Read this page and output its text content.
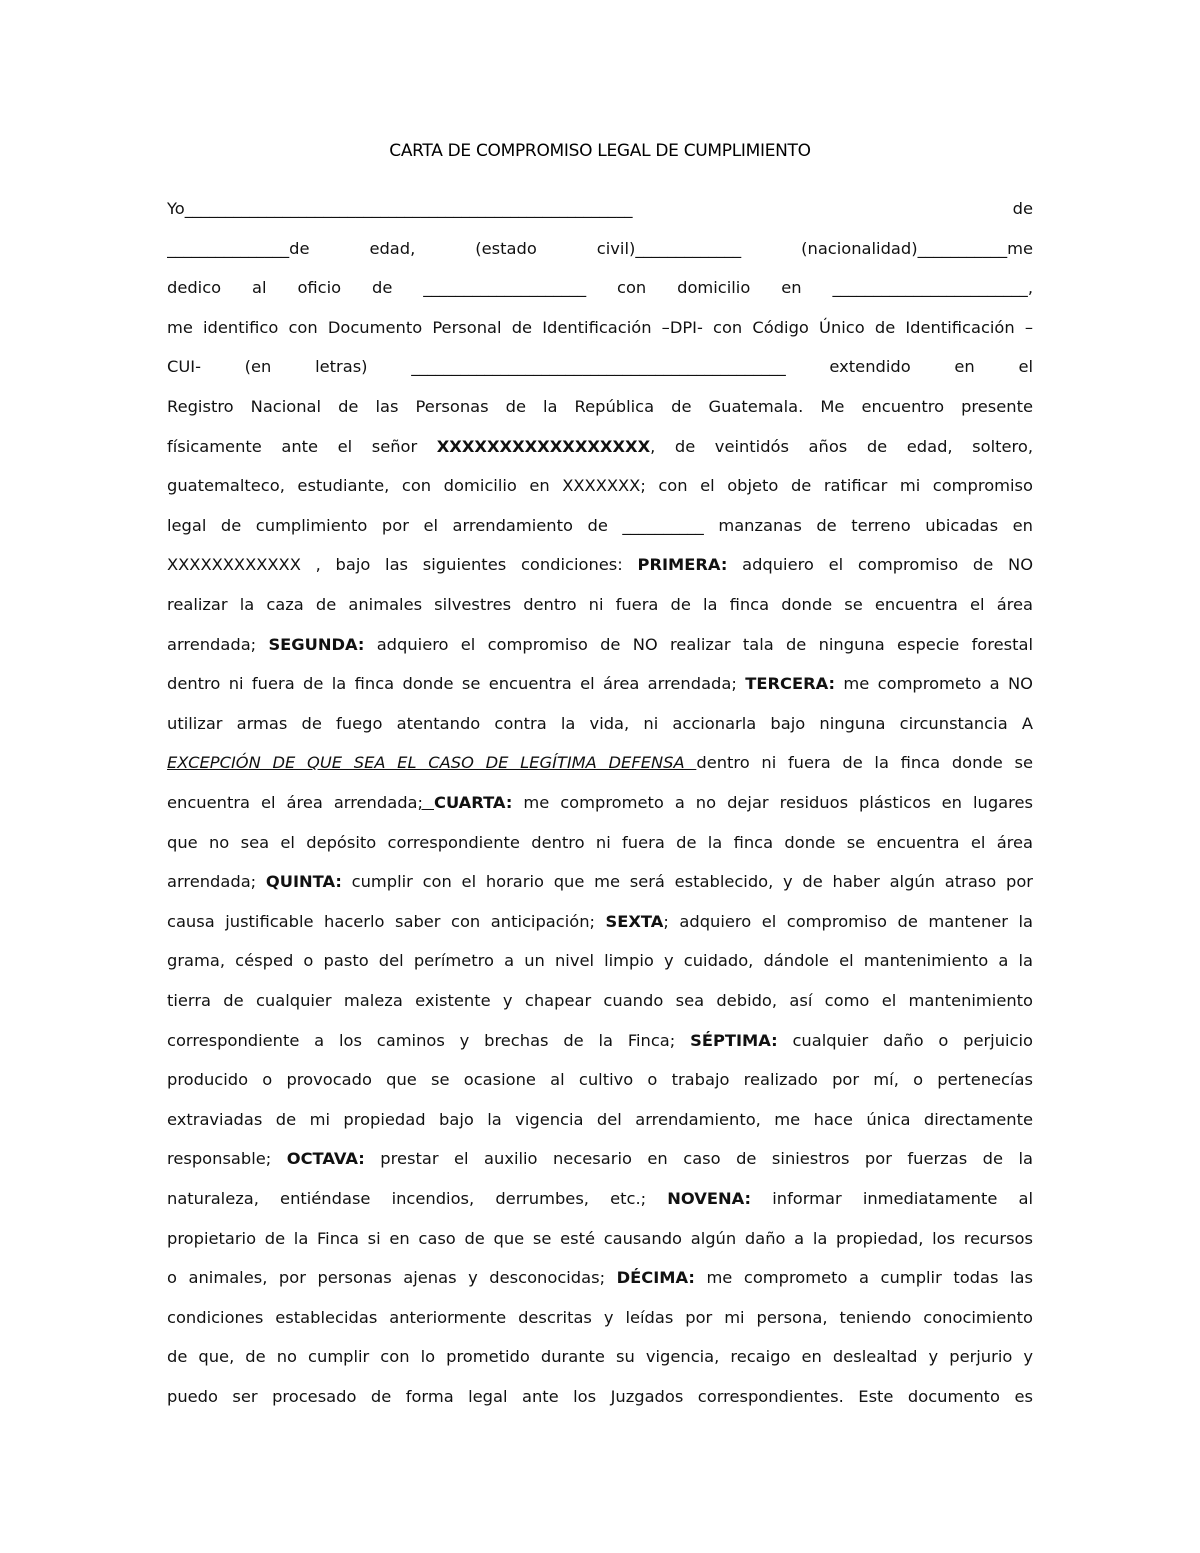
CARTA DE COMPROMISO LEGAL DE CUMPLIMIENTO
Yo_______________________________________________________	de
_______________de edad, (estado civil)_____________ (nacionalidad)___________me
dedico al oficio de ____________________ con domicilio en ________________________,
me identifico con Documento Personal de Identificación –DPI- con Código Único de Identificación –
CUI- (en letras) ______________________________________________ extendido en el
Registro Nacional de las Personas de la República de Guatemala. Me encuentro presente
físicamente ante el señor XXXXXXXXXXXXXXXXX, de veintidós años de edad, soltero,
guatemalteco, estudiante, con domicilio en XXXXXXX; con el objeto de ratificar mi compromiso
legal de cumplimiento por el arrendamiento de __________ manzanas de terreno ubicadas en
XXXXXXXXXXXX , bajo las siguientes condiciones: PRIMERA: adquiero el compromiso de NO
realizar la caza de animales silvestres dentro ni fuera de la finca donde se encuentra el área
arrendada; SEGUNDA: adquiero el compromiso de NO realizar tala de ninguna especie forestal
dentro ni fuera de la finca donde se encuentra el área arrendada; TERCERA: me comprometo a NO
utilizar armas de fuego atentando contra la vida, ni accionarla bajo ninguna circunstancia A
EXCEPCIÓN DE QUE SEA EL CASO DE LEGÍTIMA DEFENSA dentro ni fuera de la finca donde se
encuentra el área arrendada; CUARTA: me comprometo a no dejar residuos plásticos en lugares
que no sea el depósito correspondiente dentro ni fuera de la finca donde se encuentra el área
arrendada; QUINTA: cumplir con el horario que me será establecido, y de haber algún atraso por
causa justificable hacerlo saber con anticipación; SEXTA; adquiero el compromiso de mantener la
grama, césped o pasto del perímetro a un nivel limpio y cuidado, dándole el mantenimiento a la
tierra de cualquier maleza existente y chapear cuando sea debido, así como el mantenimiento
correspondiente a los caminos y brechas de la Finca; SÉPTIMA: cualquier daño o perjuicio
producido o provocado que se ocasione al cultivo o trabajo realizado por mí, o pertenecías
extraviadas de mi propiedad bajo la vigencia del arrendamiento, me hace única directamente
responsable; OCTAVA: prestar el auxilio necesario en caso de siniestros por fuerzas de la
naturaleza, entiéndase incendios, derrumbes, etc.; NOVENA: informar inmediatamente al
propietario de la Finca si en caso de que se esté causando algún daño a la propiedad, los recursos
o animales, por personas ajenas y desconocidas; DÉCIMA: me comprometo a cumplir todas las
condiciones establecidas anteriormente descritas y leídas por mi persona, teniendo conocimiento
de que, de no cumplir con lo prometido durante su vigencia, recaigo en deslealtad y perjurio y
puedo ser procesado de forma legal ante los Juzgados correspondientes. Este documento es
